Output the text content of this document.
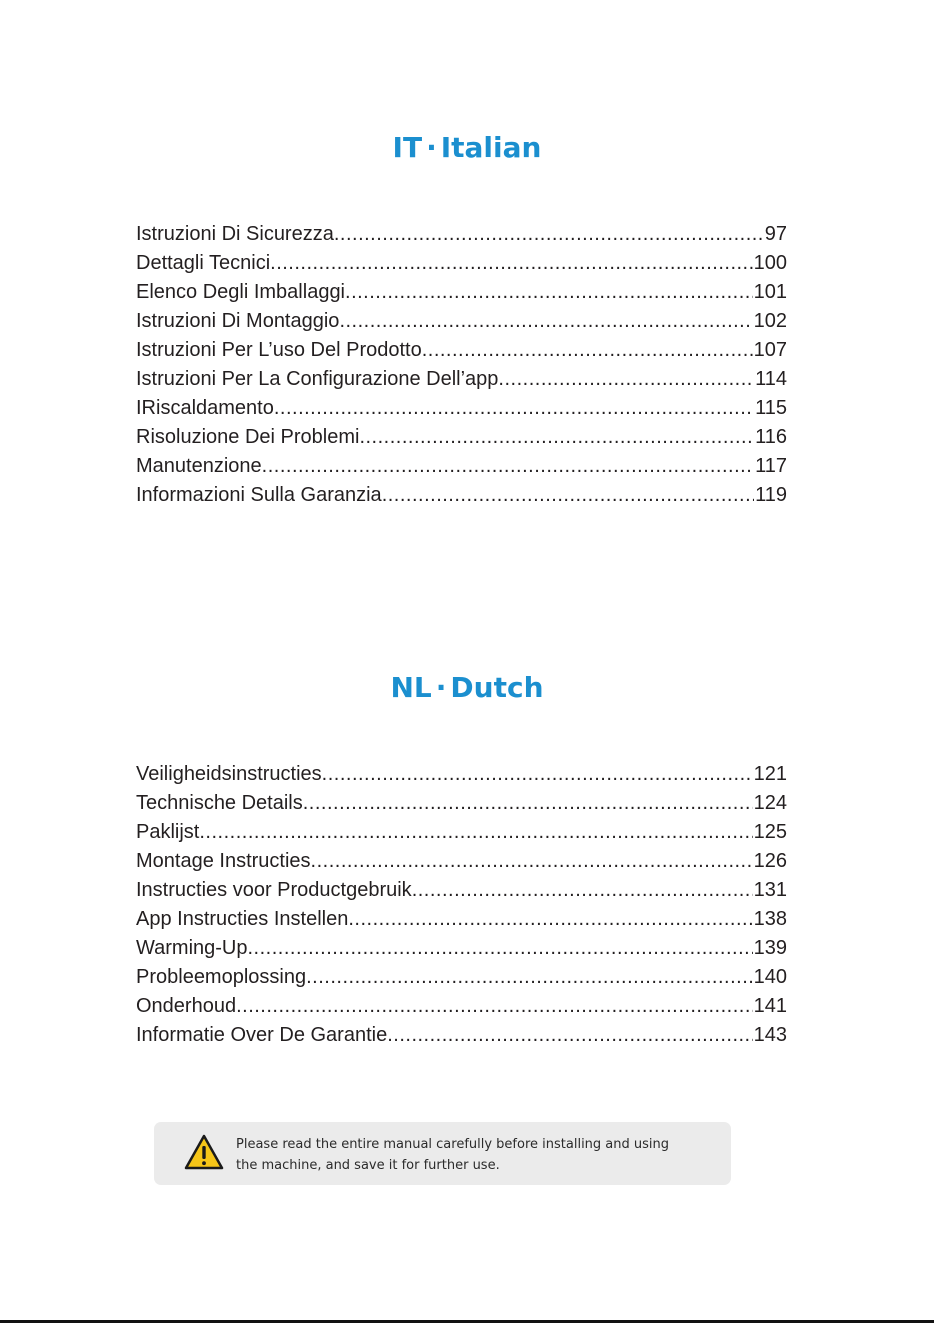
IT · Italian
Istruzioni Di Sicurezza .....	97
Dettagli Tecnici .....	100
Elenco Degli Imballaggi .....	101
Istruzioni Di Montaggio .....	102
Istruzioni Per L’uso Del Prodotto .....	107
Istruzioni Per La Configurazione Dell’app .....	114
IRiscaldamento .....	115
Risoluzione Dei Problemi .....	116
Manutenzione .....	117
Informazioni Sulla Garanzia .....	119
NL · Dutch
Veiligheidsinstructies .....	121
Technische Details .....	124
Paklijst .....	125
Montage Instructies .....	126
Instructies voor Productgebruik .....	131
App Instructies Instellen .....	138
Warming-Up .....	139
Probleemoplossing .....	140
Onderhoud .....	141
Informatie Over De Garantie .....	143
Please read the entire manual carefully before installing and using
the machine, and save it for further use.
